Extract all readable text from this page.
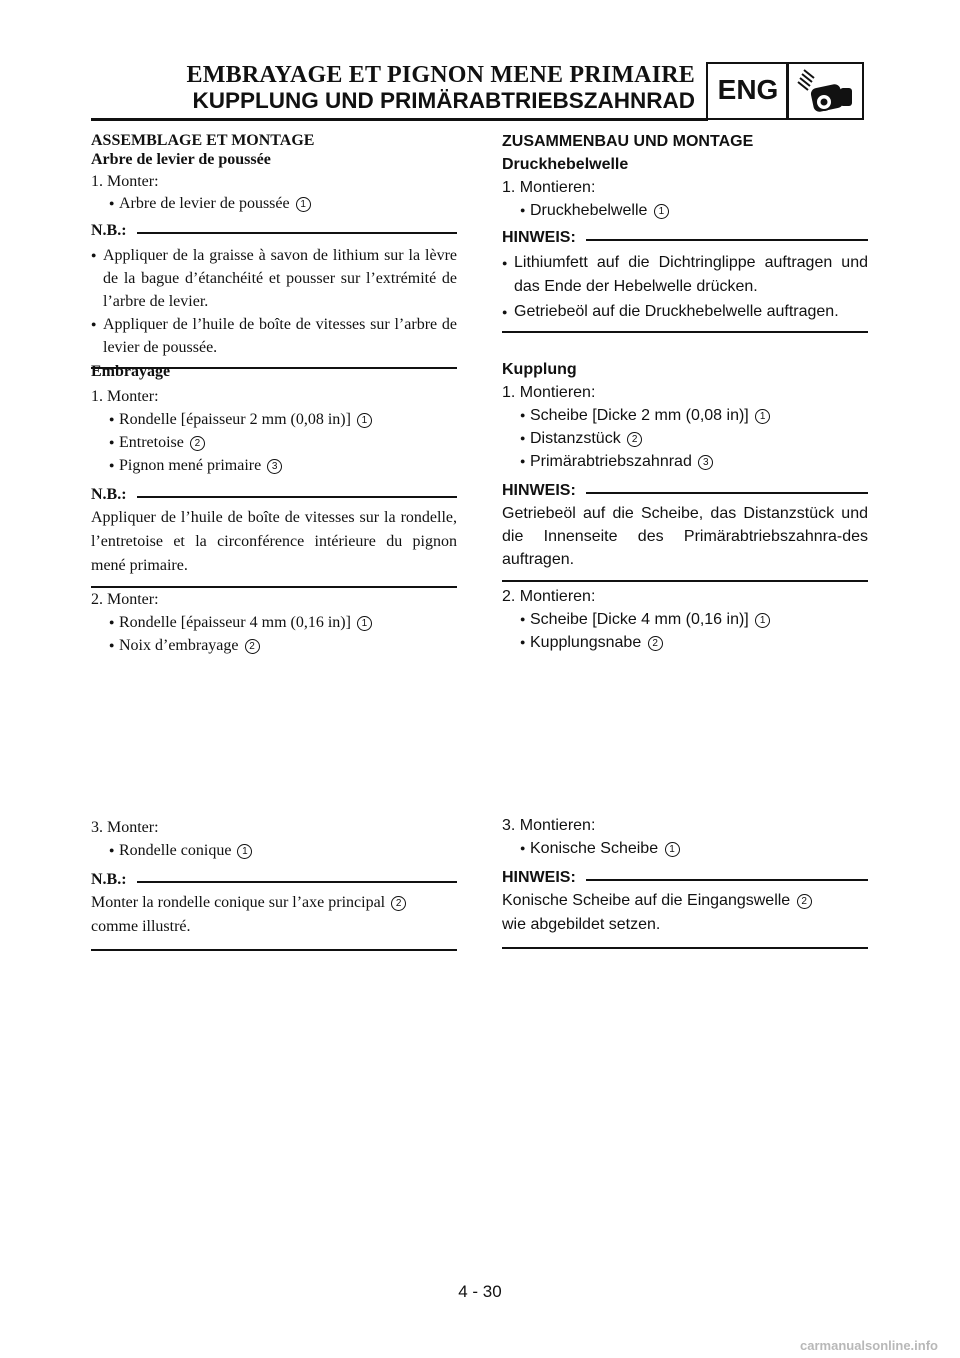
EMBRAYAGE ET PIGNON MENE PRIMAIRE
KUPPLUNG UND PRIMÄRABTRIEBSZAHNRAD ENG
ASSEMBLAGE ET MONTAGE
Arbre de levier de poussée
1. Monter:
● Arbre de levier de poussée 1
N.B.:
● Appliquer de la graisse à savon de lithium sur la lèvre de la bague d’étanchéité et pousser sur l’extrémité de l’arbre de levier.
● Appliquer de l’huile de boîte de vitesses sur l’arbre de levier de poussée.
Embrayage
1. Monter:
● Rondelle [épaisseur 2 mm (0,08 in)] 1
● Entretoise 2
● Pignon mené primaire 3
N.B.:
Appliquer de l’huile de boîte de vitesses sur la rondelle, l’entretoise et la circonférence intérieure du pignon mené primaire.
2. Monter:
● Rondelle [épaisseur 4 mm (0,16 in)] 1
● Noix d’embrayage 2
3. Monter:
● Rondelle conique 1
N.B.:
Monter la rondelle conique sur l’axe principal 2
comme illustré.
ZUSAMMENBAU UND MONTAGE
Druckhebelwelle
1. Montieren:
● Druckhebelwelle 1
HINWEIS:
● Lithiumfett auf die Dichtringlippe auftragen und das Ende der Hebelwelle drücken.
● Getriebeöl auf die Druckhebelwelle auftragen.
Kupplung
1. Montieren:
● Scheibe [Dicke 2 mm (0,08 in)] 1
● Distanzstück 2
● Primärabtriebszahnrad 3
HINWEIS:
Getriebeöl auf die Scheibe, das Distanzstück und die Innenseite des Primärabtriebszahnra-des auftragen.
2. Montieren:
● Scheibe [Dicke 4 mm (0,16 in)] 1
● Kupplungsnabe 2
3. Montieren:
● Konische Scheibe 1
HINWEIS:
Konische Scheibe auf die Eingangswelle 2
wie abgebildet setzen.
4 - 30
carmanualsonline.info
